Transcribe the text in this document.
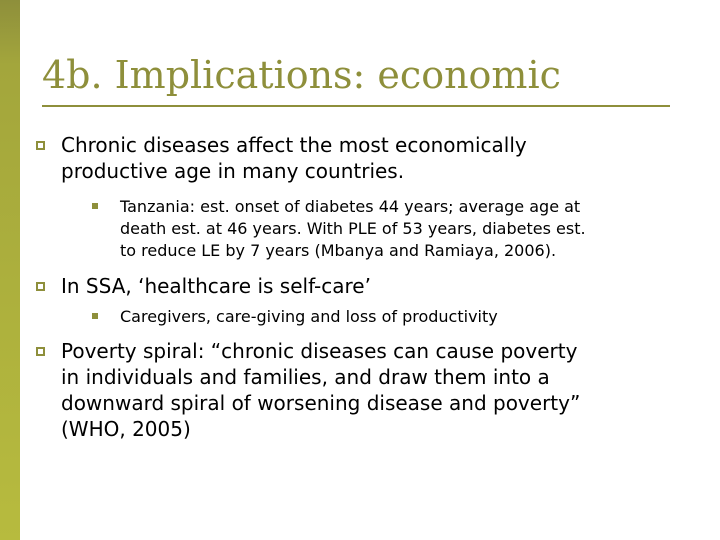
4b. Implications: economic
Chronic diseases affect the most economically
productive age in many countries.
Tanzania: est. onset of diabetes 44 years; average age at
death est. at 46 years. With PLE of 53 years, diabetes est.
to reduce LE by 7 years (Mbanya and Ramiaya, 2006).
In SSA, ‘healthcare is self-care’
Caregivers, care-giving and loss of productivity
Poverty spiral: “chronic diseases can cause poverty
in individuals and families, and draw them into a
downward spiral of worsening disease and poverty”
(WHO, 2005)
